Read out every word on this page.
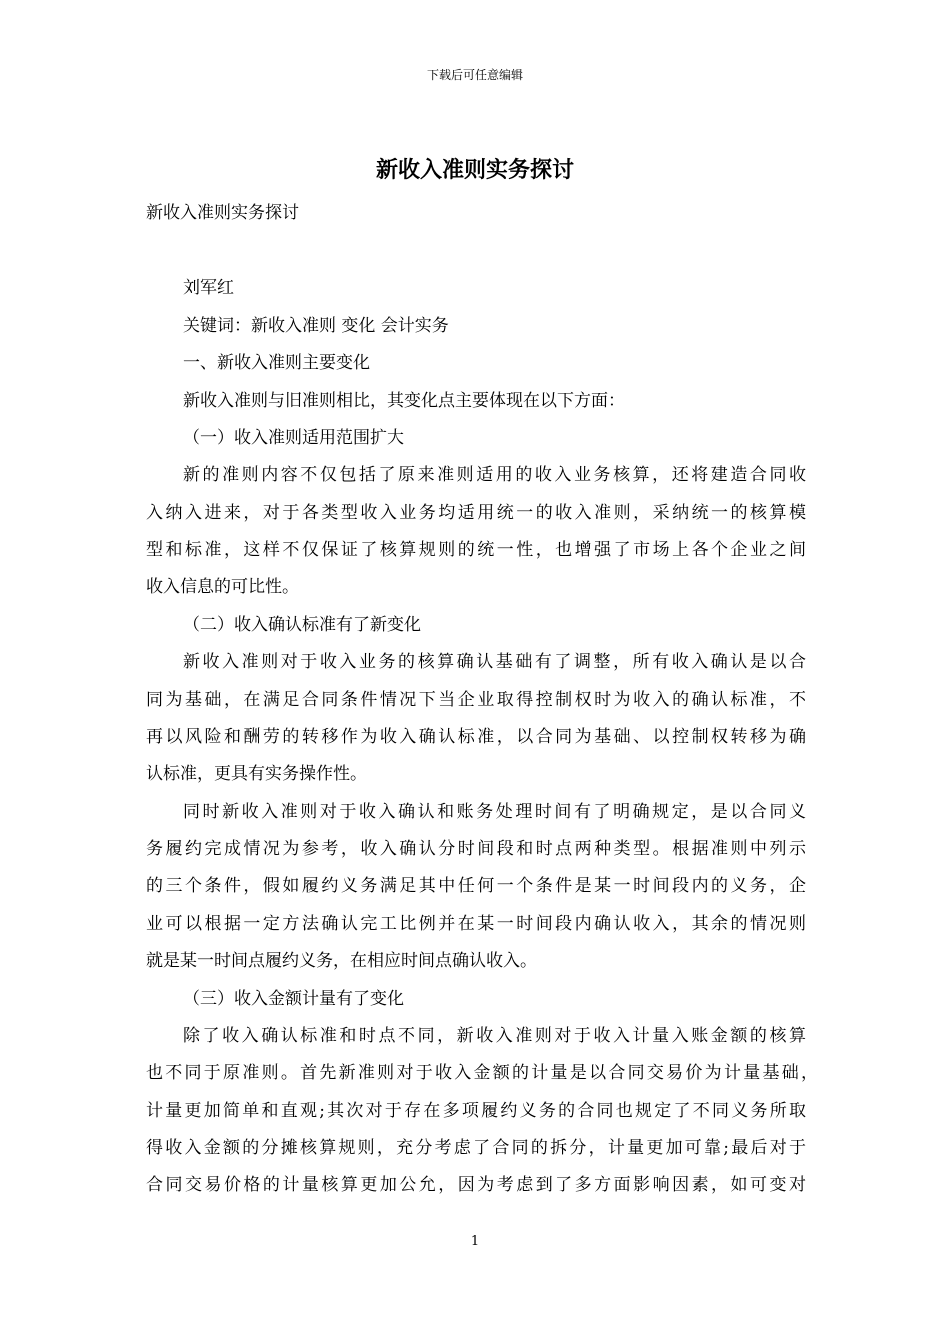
下载后可任意编辑
新收入准则实务探讨
新收入准则实务探讨
刘军红
关键词：新收入准则 变化 会计实务
一、新收入准则主要变化
新收入准则与旧准则相比，其变化点主要体现在以下方面：
（一）收入准则适用范围扩大
新的准则内容不仅包括了原来准则适用的收入业务核算，还将建造合同收
入纳入进来，对于各类型收入业务均适用统一的收入准则，采纳统一的核算模
型和标准，这样不仅保证了核算规则的统一性，也增强了市场上各个企业之间
收入信息的可比性。
（二）收入确认标准有了新变化
新收入准则对于收入业务的核算确认基础有了调整，所有收入确认是以合
同为基础，在满足合同条件情况下当企业取得控制权时为收入的确认标准，不
再以风险和酬劳的转移作为收入确认标准，以合同为基础、以控制权转移为确
认标准，更具有实务操作性。
同时新收入准则对于收入确认和账务处理时间有了明确规定，是以合同义
务履约完成情况为参考，收入确认分时间段和时点两种类型。根据准则中列示
的三个条件，假如履约义务满足其中任何一个条件是某一时间段内的义务，企
业可以根据一定方法确认完工比例并在某一时间段内确认收入，其余的情况则
就是某一时间点履约义务，在相应时间点确认收入。
（三）收入金额计量有了变化
除了收入确认标准和时点不同，新收入准则对于收入计量入账金额的核算
也不同于原准则。首先新准则对于收入金额的计量是以合同交易价为计量基础，
计量更加简单和直观;其次对于存在多项履约义务的合同也规定了不同义务所取
得收入金额的分摊核算规则，充分考虑了合同的拆分，计量更加可靠;最后对于
合同交易价格的计量核算更加公允，因为考虑到了多方面影响因素，如可变对
1
